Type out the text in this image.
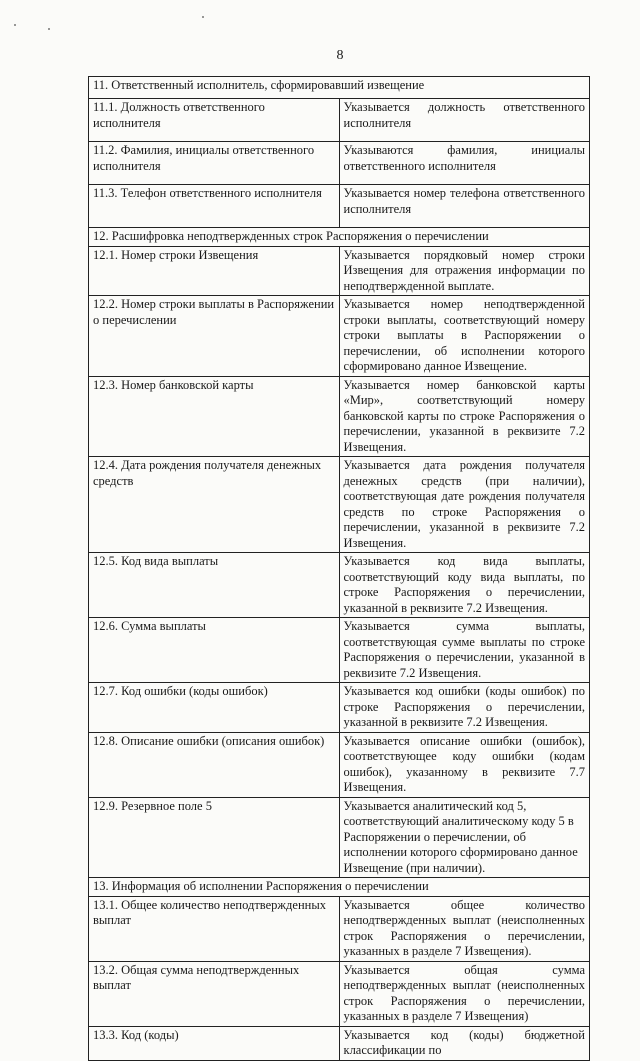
8
11. Ответственный исполнитель, сформировавший извещение	
11.1. Должность ответственного исполнителя	Указывается должность ответственного исполнителя
11.2. Фамилия, инициалы ответственного исполнителя	Указываются фамилия, инициалы ответственного исполнителя
11.3. Телефон ответственного исполнителя	Указывается номер телефона ответственного исполнителя
12. Расшифровка неподтвержденных строк Распоряжения о перечислении	
12.1. Номер строки Извещения	Указывается порядковый номер строки Извещения для отражения информации по неподтвержденной выплате.
12.2. Номер строки выплаты в Распоряжении о перечислении	Указывается номер неподтвержденной строки выплаты, соответствующий номеру строки выплаты в Распоряжении о перечислении, об исполнении которого сформировано данное Извещение.
12.3. Номер банковской карты	Указывается номер банковской карты «Мир», соответствующий номеру банковской карты по строке Распоряжения о перечислении, указанной в реквизите 7.2 Извещения.
12.4. Дата рождения получателя денежных средств	Указывается дата рождения получателя денежных средств (при наличии), соответствующая дате рождения получателя средств по строке Распоряжения о перечислении, указанной в реквизите 7.2 Извещения.
12.5. Код вида выплаты	Указывается код вида выплаты, соответствующий коду вида выплаты, по строке Распоряжения о перечислении, указанной в реквизите 7.2 Извещения.
12.6. Сумма выплаты	Указывается сумма выплаты, соответствующая сумме выплаты по строке Распоряжения о перечислении, указанной в реквизите 7.2 Извещения.
12.7. Код ошибки (коды ошибок)	Указывается код ошибки (коды ошибок) по строке Распоряжения о перечислении, указанной в реквизите 7.2 Извещения.
12.8. Описание ошибки (описания ошибок)	Указывается описание ошибки (ошибок), соответствующее коду ошибки (кодам ошибок), указанному в реквизите 7.7 Извещения.
12.9. Резервное поле 5	Указывается аналитический код 5, соответствующий аналитическому коду 5 в Распоряжении о перечислении, об исполнении которого сформировано данное Извещение (при наличии).
13. Информация об исполнении Распоряжения о перечислении	
13.1. Общее количество неподтвержденных выплат	Указывается общее количество неподтвержденных выплат (неисполненных строк Распоряжения о перечислении, указанных в разделе 7 Извещения).
13.2. Общая сумма неподтвержденных выплат	Указывается общая сумма неподтвержденных выплат (неисполненных строк Распоряжения о перечислении, указанных в разделе 7 Извещения)
13.3. Код (коды)	Указывается код (коды) бюджетной классификации по
